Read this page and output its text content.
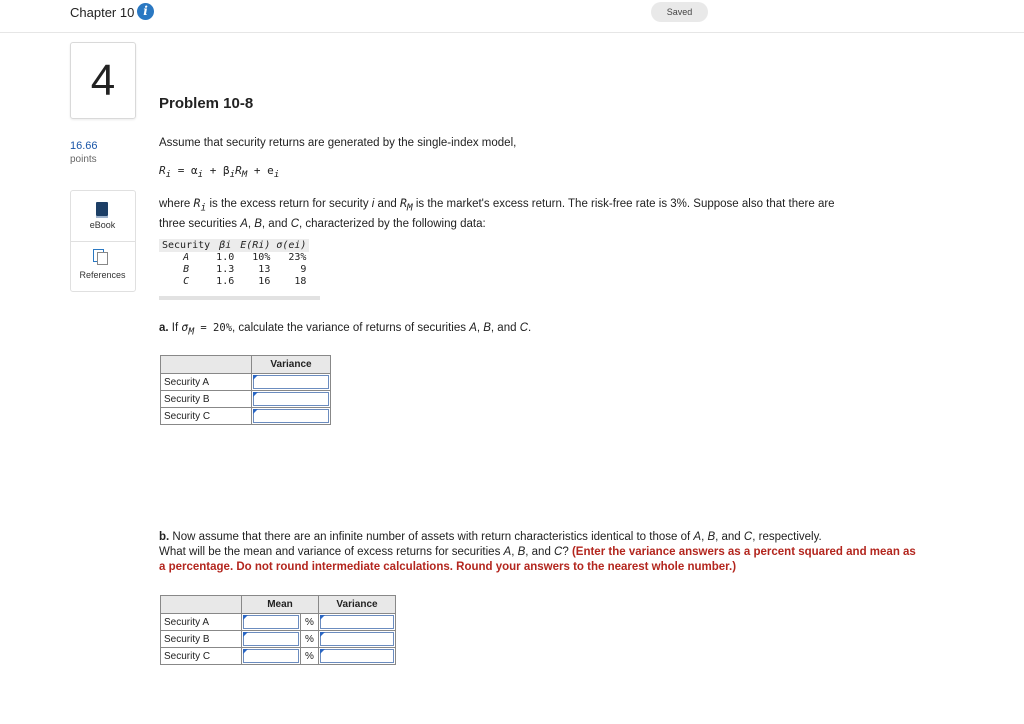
Chapter 10 i	Saved
4
16.66
points
eBook
References
Problem 10-8
Assume that security returns are generated by the single-index model,
$R_i = \alpha_i + \beta_iR_M + e_i$
where $R_i$ is the excess return for security i and $R_M$ is the market's excess return. The risk-free rate is 3%. Suppose also that there are
three securities A, B, and C, characterized by the following data:
Security	βi	E(Ri)	σ(ei)
A	1.0	10%	23%
B	1.3	13	9
C	1.6	16	18
a. If $\sigma_M = 20\%$, calculate the variance of returns of securities A, B, and C.
	Variance
Security A	

Security B	

Security C	
b. Now assume that there are an infinite number of assets with return characteristics identical to those of A, B, and C, respectively.
What will be the mean and variance of excess returns for securities A, B, and C? (Enter the variance answers as a percent squared and mean as a percentage. Do not round intermediate calculations. Round your answers to the nearest whole number.)
	Mean		Variance
Security A		%	

Security B		%	

Security C		%	
